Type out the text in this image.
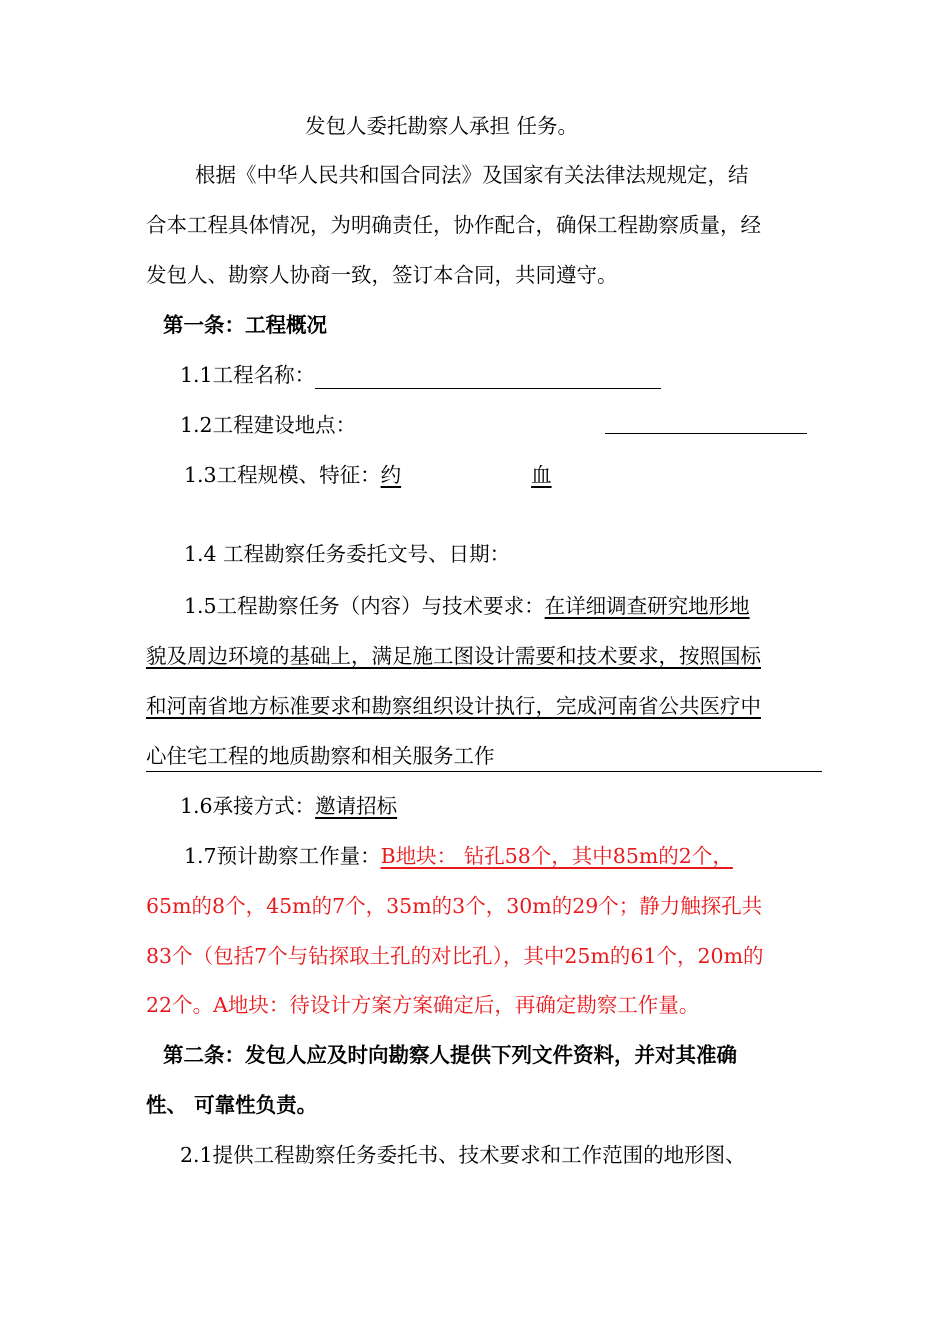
发包人委托勘察人承担 任务。
根据《中华人民共和国合同法》及国家有关法律法规规定，结
合本工程具体情况，为明确责任，协作配合，确保工程勘察质量，经
发包人、勘察人协商一致，签订本合同，共同遵守。
第一条：工程概况
1.1工程名称：
1.2工程建设地点：
1.3工程规模、特征：约	血
1.4 工程勘察任务委托文号、日期：
1.5工程勘察任务（内容）与技术要求：在详细调查研究地形地
貌及周边环境的基础上，满足施工图设计需要和技术要求，按照国标
和河南省地方标准要求和勘察组织设计执行，完成河南省公共医疗中
心住宅工程的地质勘察和相关服务工作
1.6承接方式：邀请招标
1.7预计勘察工作量：B地块： 钻孔58个，其中85m的2个，
65m的8个，45m的7个，35m的3个，30m的29个；静力触探孔共
83个（包括7个与钻探取土孔的对比孔），其中25m的61个，20m的
22个。A地块：待设计方案方案确定后，再确定勘察工作量。
第二条：发包人应及时向勘察人提供下列文件资料，并对其准确
性、 可靠性负责。
2.1提供工程勘察任务委托书、技术要求和工作范围的地形图、
